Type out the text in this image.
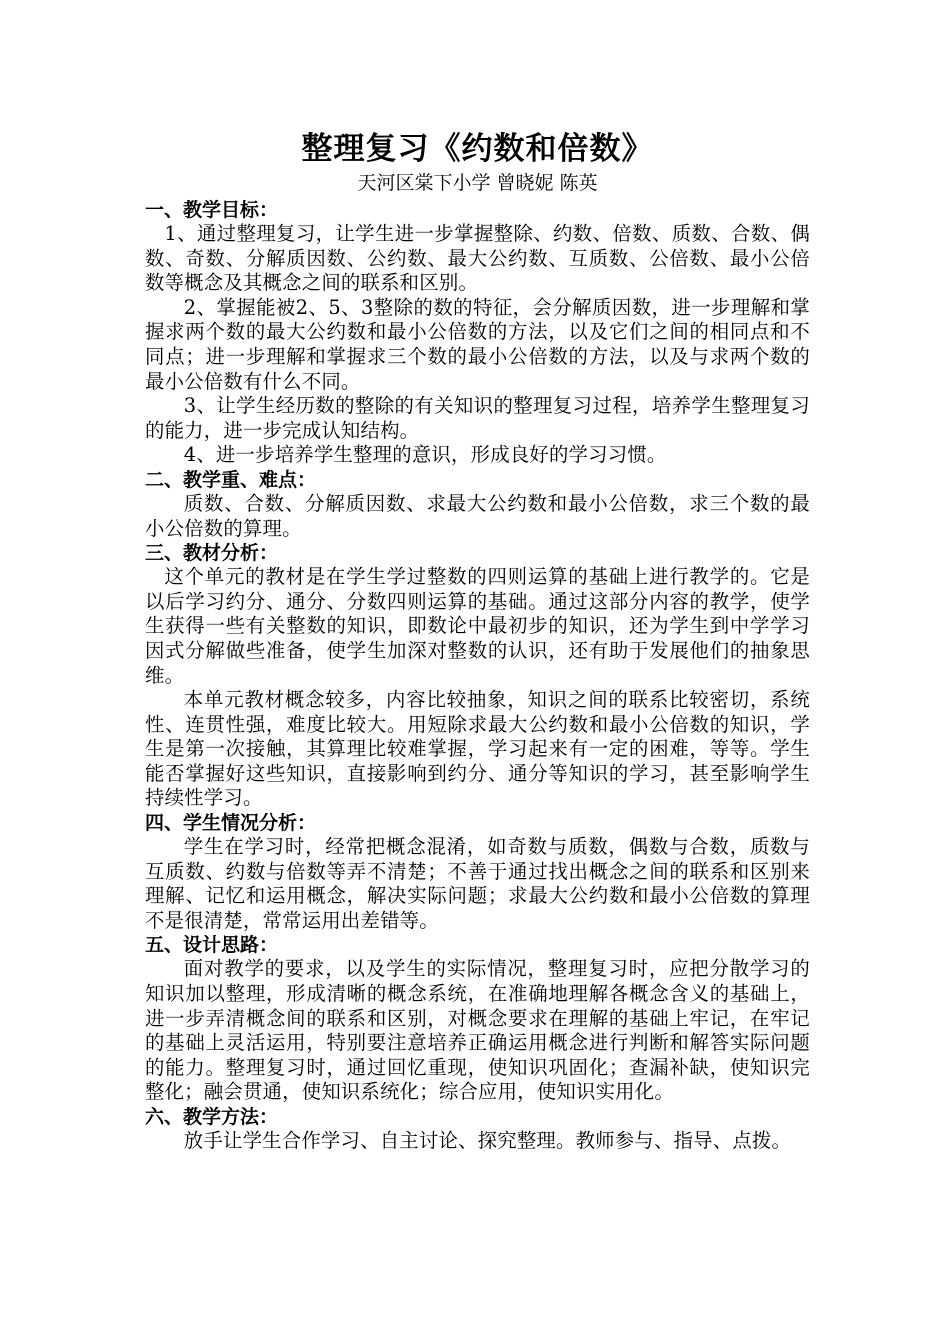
整理复习《约数和倍数》

天河区棠下小学 曾晓妮 陈英

一、教学目标：

1、通过整理复习，让学生进一步掌握整除、约数、倍数、质数、合数、偶数、奇数、分解质因数、公约数、最大公约数、互质数、公倍数、最小公倍数等概念及其概念之间的联系和区别。

2、掌握能被2、5、3整除的数的特征，会分解质因数，进一步理解和掌握求两个数的最大公约数和最小公倍数的方法，以及它们之间的相同点和不同点；进一步理解和掌握求三个数的最小公倍数的方法，以及与求两个数的最小公倍数有什么不同。

3、让学生经历数的整除的有关知识的整理复习过程，培养学生整理复习的能力，进一步完成认知结构。

4、进一步培养学生整理的意识，形成良好的学习习惯。

二、教学重、难点：

质数、合数、分解质因数、求最大公约数和最小公倍数，求三个数的最小公倍数的算理。

三、教材分析：

这个单元的教材是在学生学过整数的四则运算的基础上进行教学的。它是以后学习约分、通分、分数四则运算的基础。通过这部分内容的教学，使学生获得一些有关整数的知识，即数论中最初步的知识，还为学生到中学学习因式分解做些准备，使学生加深对整数的认识，还有助于发展他们的抽象思维。

本单元教材概念较多，内容比较抽象，知识之间的联系比较密切，系统性、连贯性强，难度比较大。用短除求最大公约数和最小公倍数的知识，学生是第一次接触，其算理比较难掌握，学习起来有一定的困难，等等。学生能否掌握好这些知识，直接影响到约分、通分等知识的学习，甚至影响学生持续性学习。

四、学生情况分析：

学生在学习时，经常把概念混淆，如奇数与质数，偶数与合数，质数与互质数、约数与倍数等弄不清楚；不善于通过找出概念之间的联系和区别来理解、记忆和运用概念，解决实际问题；求最大公约数和最小公倍数的算理不是很清楚，常常运用出差错等。

五、设计思路：

面对教学的要求，以及学生的实际情况，整理复习时，应把分散学习的知识加以整理，形成清晰的概念系统，在准确地理解各概念含义的基础上，进一步弄清概念间的联系和区别，对概念要求在理解的基础上牢记，在牢记的基础上灵活运用，特别要注意培养正确运用概念进行判断和解答实际问题的能力。整理复习时，通过回忆重现，使知识巩固化；查漏补缺，使知识完整化；融会贯通，使知识系统化；综合应用，使知识实用化。

六、教学方法：

放手让学生合作学习、自主讨论、探究整理。教师参与、指导、点拨。
